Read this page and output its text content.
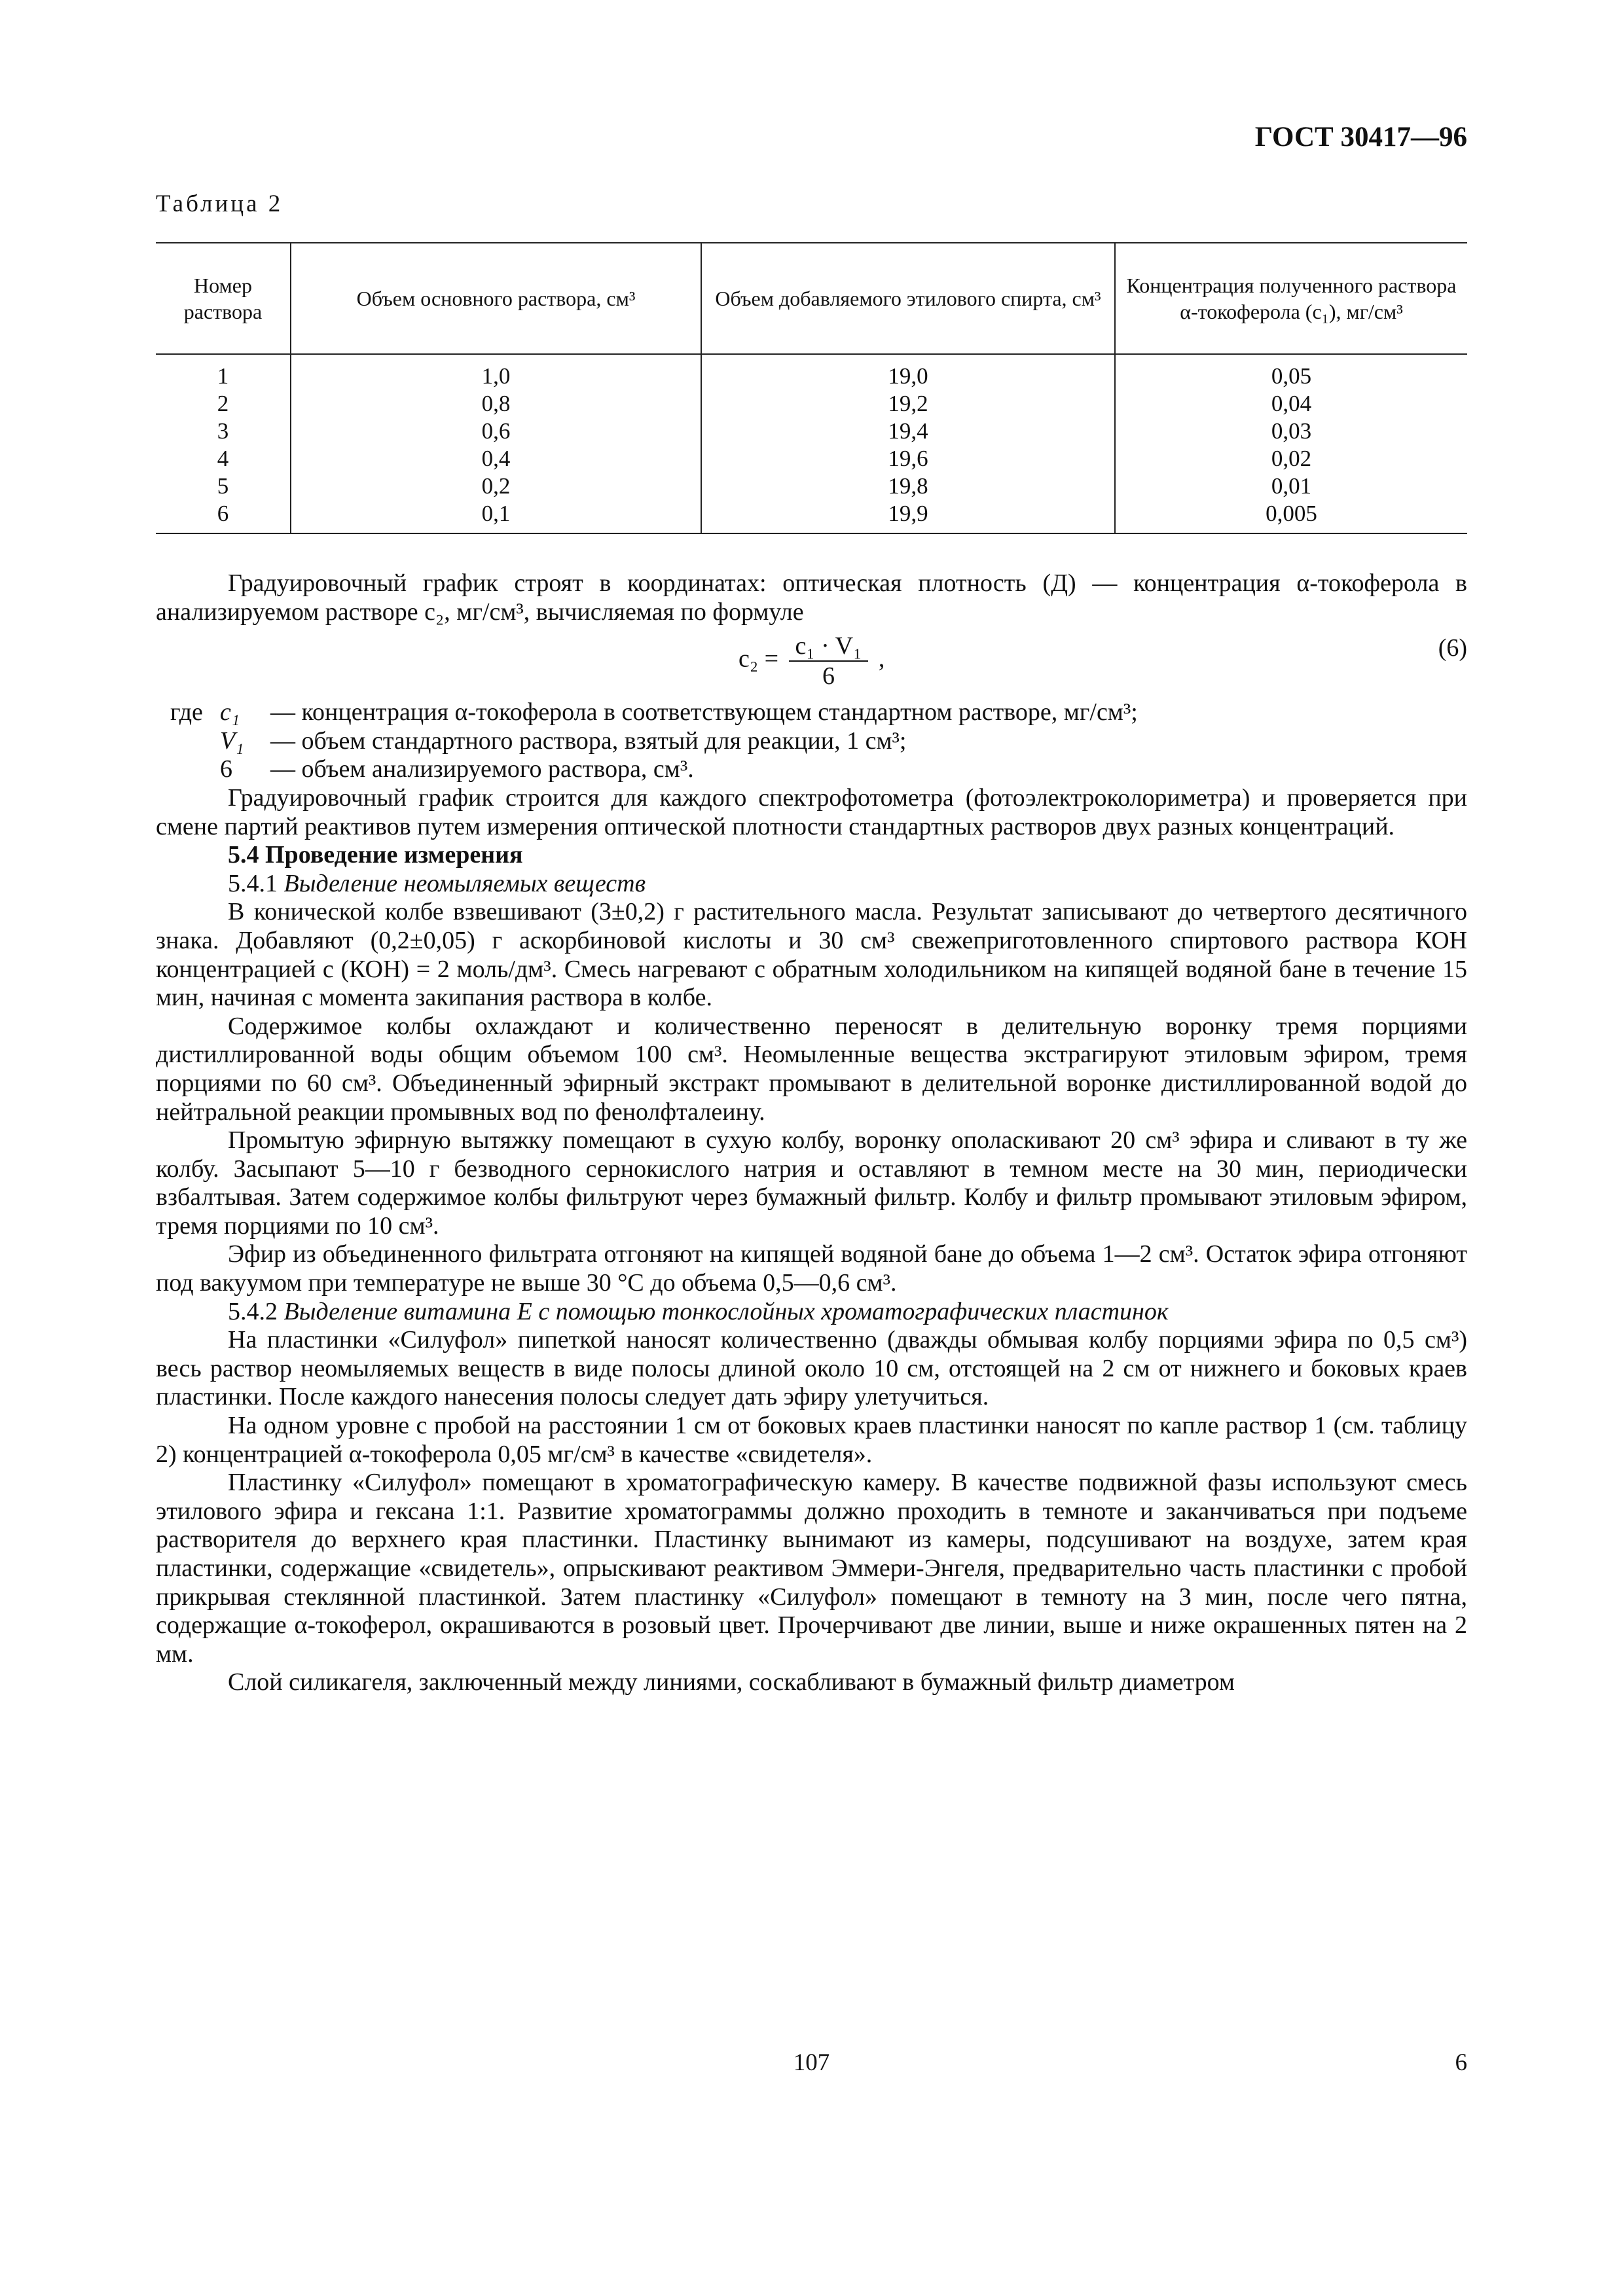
ГОСТ 30417—96
Таблица 2
Номер раствора	Объем основного раствора, см³	Объем добавляемого этилового спирта, см³	Концентрация полученного раствора α-токоферола (c₁), мг/см³
1	1,0	19,0	0,05
2	0,8	19,2	0,04
3	0,6	19,4	0,03
4	0,4	19,6	0,02
5	0,2	19,8	0,01
6	0,1	19,9	0,005

Градуировочный график строят в координатах: оптическая плотность (Д) — концентрация α-токоферола в анализируемом растворе c₂, мг/см³, вычисляемая по формуле

$c_2 = \frac{\text{c₁ · V₁}}{6}$ ,	(6)
где c₁ — концентрация α-токоферола в соответствующем стандартном растворе, мг/см³;
V₁ — объем стандартного раствора, взятый для реакции, 1 см³;
6 — объем анализируемого раствора, см³.

Градуировочный график строится для каждого спектрофотометра (фотоэлектроколориметра) и проверяется при смене партий реактивов путем измерения оптической плотности стандартных растворов двух разных концентраций.

5.4 Проведение измерения

5.4.1 Выделение неомыляемых веществ

В конической колбе взвешивают (3±0,2) г растительного масла. Результат записывают до четвертого десятичного знака. Добавляют (0,2±0,05) г аскорбиновой кислоты и 30 см³ свежеприготовленного спиртового раствора КОН концентрацией c (КОН) = 2 моль/дм³. Смесь нагревают с обратным холодильником на кипящей водяной бане в течение 15 мин, начиная с момента закипания раствора в колбе.

Содержимое колбы охлаждают и количественно переносят в делительную воронку тремя порциями дистиллированной воды общим объемом 100 см³. Неомыленные вещества экстрагируют этиловым эфиром, тремя порциями по 60 см³. Объединенный эфирный экстракт промывают в делительной воронке дистиллированной водой до нейтральной реакции промывных вод по фенолфталеину.

Промытую эфирную вытяжку помещают в сухую колбу, воронку ополаскивают 20 см³ эфира и сливают в ту же колбу. Засыпают 5—10 г безводного сернокислого натрия и оставляют в темном месте на 30 мин, периодически взбалтывая. Затем содержимое колбы фильтруют через бумажный фильтр. Колбу и фильтр промывают этиловым эфиром, тремя порциями по 10 см³.

Эфир из объединенного фильтрата отгоняют на кипящей водяной бане до объема 1—2 см³. Остаток эфира отгоняют под вакуумом при температуре не выше 30 °С до объема 0,5—0,6 см³.

5.4.2 Выделение витамина Е с помощью тонкослойных хроматографических пластинок

На пластинки «Силуфол» пипеткой наносят количественно (дважды обмывая колбу порциями эфира по 0,5 см³) весь раствор неомыляемых веществ в виде полосы длиной около 10 см, отстоящей на 2 см от нижнего и боковых краев пластинки. После каждого нанесения полосы следует дать эфиру улетучиться.

На одном уровне с пробой на расстоянии 1 см от боковых краев пластинки наносят по капле раствор 1 (см. таблицу 2) концентрацией α-токоферола 0,05 мг/см³ в качестве «свидетеля».

Пластинку «Силуфол» помещают в хроматографическую камеру. В качестве подвижной фазы используют смесь этилового эфира и гексана 1:1. Развитие хроматограммы должно проходить в темноте и заканчиваться при подъеме растворителя до верхнего края пластинки. Пластинку вынимают из камеры, подсушивают на воздухе, затем края пластинки, содержащие «свидетель», опрыскивают реактивом Эммери-Энгеля, предварительно часть пластинки с пробой прикрывая стеклянной пластинкой. Затем пластинку «Силуфол» помещают в темноту на 3 мин, после чего пятна, содержащие α-токоферол, окрашиваются в розовый цвет. Прочерчивают две линии, выше и ниже окрашенных пятен на 2 мм.

Слой силикагеля, заключенный между линиями, соскабливают в бумажный фильтр диаметром

107	6
